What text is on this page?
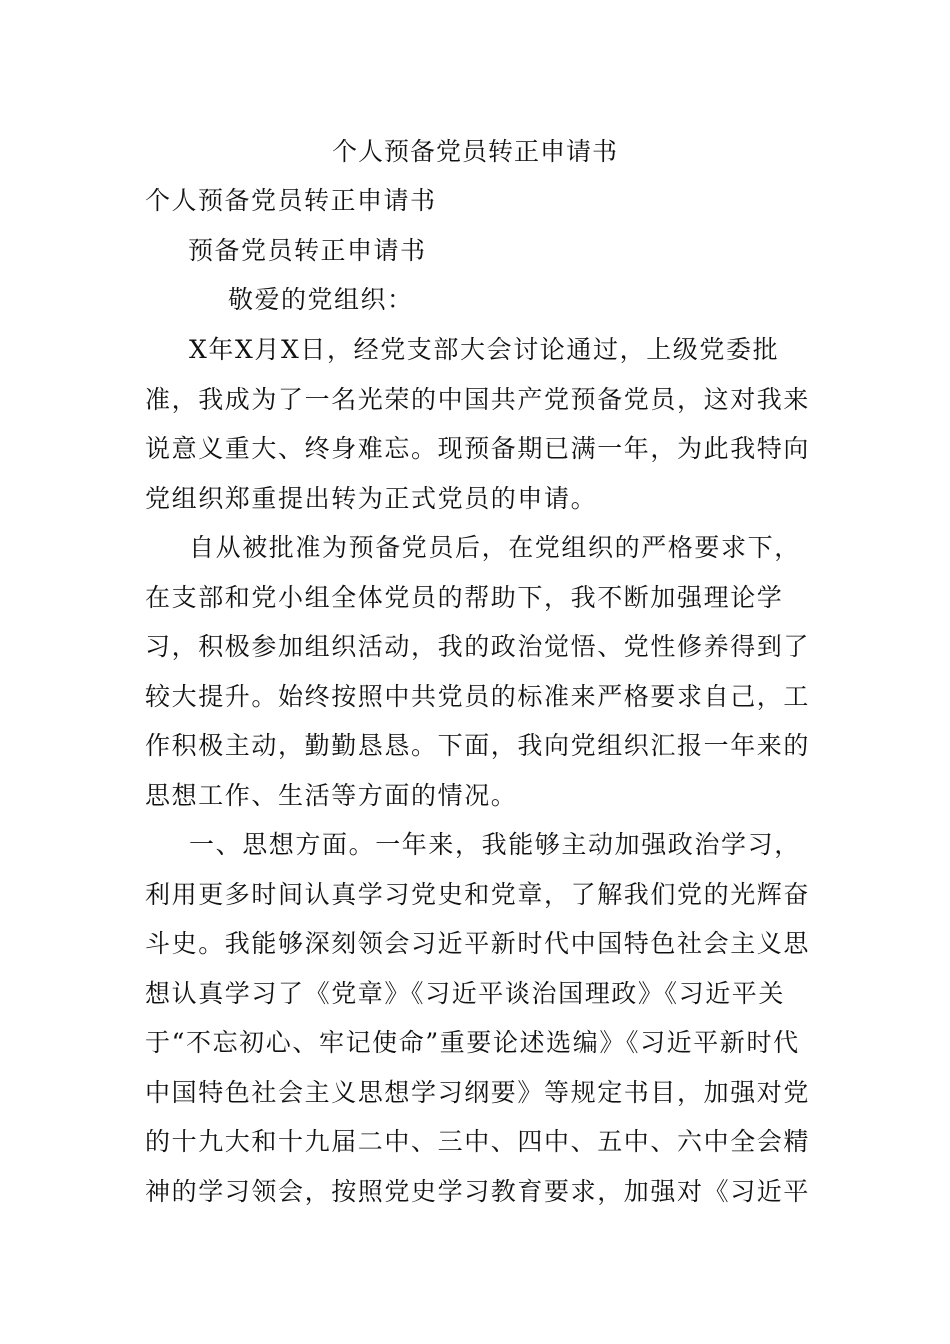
个人预备党员转正申请书
个人预备党员转正申请书
预备党员转正申请书
敬爱的党组织：

X年X月X日，经党支部大会讨论通过，上级党委批准，我成为了一名光荣的中国共产党预备党员，这对我来说意义重大、终身难忘。现预备期已满一年，为此我特向党组织郑重提出转为正式党员的申请。

自从被批准为预备党员后，在党组织的严格要求下，在支部和党小组全体党员的帮助下，我不断加强理论学习，积极参加组织活动，我的政治觉悟、党性修养得到了较大提升。始终按照中共党员的标准来严格要求自己，工作积极主动，勤勤恳恳。下面，我向党组织汇报一年来的思想工作、生活等方面的情况。

一、思想方面。一年来，我能够主动加强政治学习，利用更多时间认真学习党史和党章，了解我们党的光辉奋斗史。我能够深刻领会习近平新时代中国特色社会主义思想认真学习了《党章》《习近平谈治国理政》《习近平关于“不忘初心、牢记使命”重要论述选编》《习近平新时代中国特色社会主义思想学习纲要》等规定书目，加强对党的十九大和十九届二中、三中、四中、五中、六中全会精神的学习领会，按照党史学习教育要求，加强对《习近平
